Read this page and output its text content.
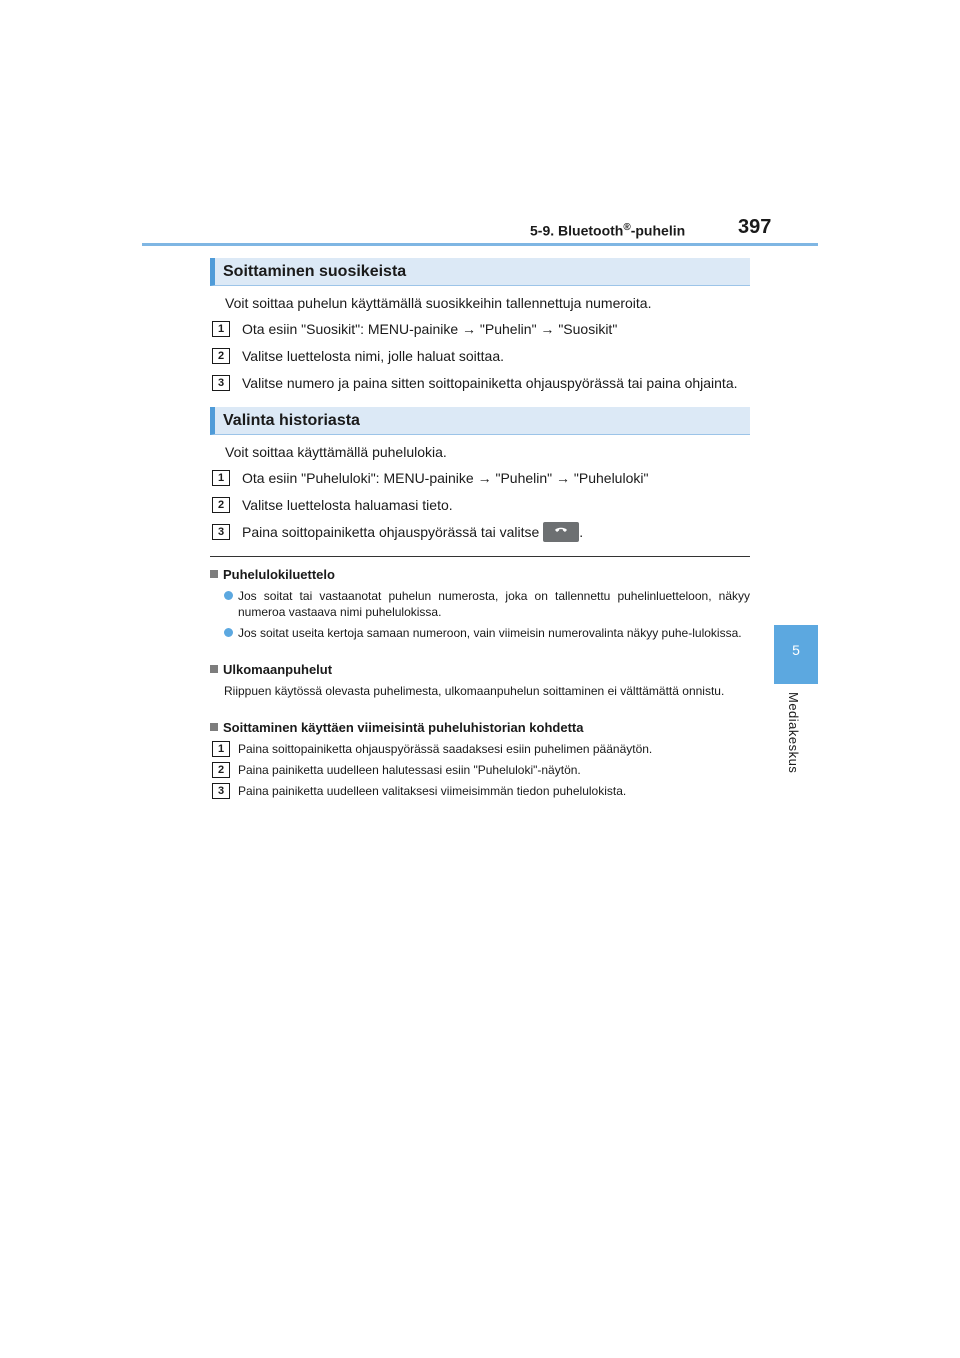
5-9. Bluetooth®-puhelin	397
5
Mediakeskus
Soittaminen suosikeista
Voit soittaa puhelun käyttämällä suosikkeihin tallennettuja numeroita.
1	Ota esiin "Suosikit": MENU-painike → "Puhelin" → "Suosikit"
2	Valitse luettelosta nimi, jolle haluat soittaa.
3	Valitse numero ja paina sitten soittopainiketta ohjauspyörässä tai paina ohjainta.
Valinta historiasta
Voit soittaa käyttämällä puhelulokia.
1	Ota esiin "Puheluloki": MENU-painike → "Puhelin" → "Puheluloki"
2	Valitse luettelosta haluamasi tieto.
3	Paina soittopainiketta ohjauspyörässä tai valitse	.
Puhelulokiluettelo
Jos soitat tai vastaanotat puhelun numerosta, joka on tallennettu puhelinluetteloon, näkyy numeroa vastaava nimi puhelulokissa.
Jos soitat useita kertoja samaan numeroon, vain viimeisin numerovalinta näkyy puhe-lulokissa.
Ulkomaanpuhelut
Riippuen käytössä olevasta puhelimesta, ulkomaanpuhelun soittaminen ei välttämättä onnistu.
Soittaminen käyttäen viimeisintä puheluhistorian kohdetta
1	Paina soittopainiketta ohjauspyörässä saadaksesi esiin puhelimen päänäytön.
2	Paina painiketta uudelleen halutessasi esiin "Puheluloki"-näytön.
3	Paina painiketta uudelleen valitaksesi viimeisimmän tiedon puhelulokista.
